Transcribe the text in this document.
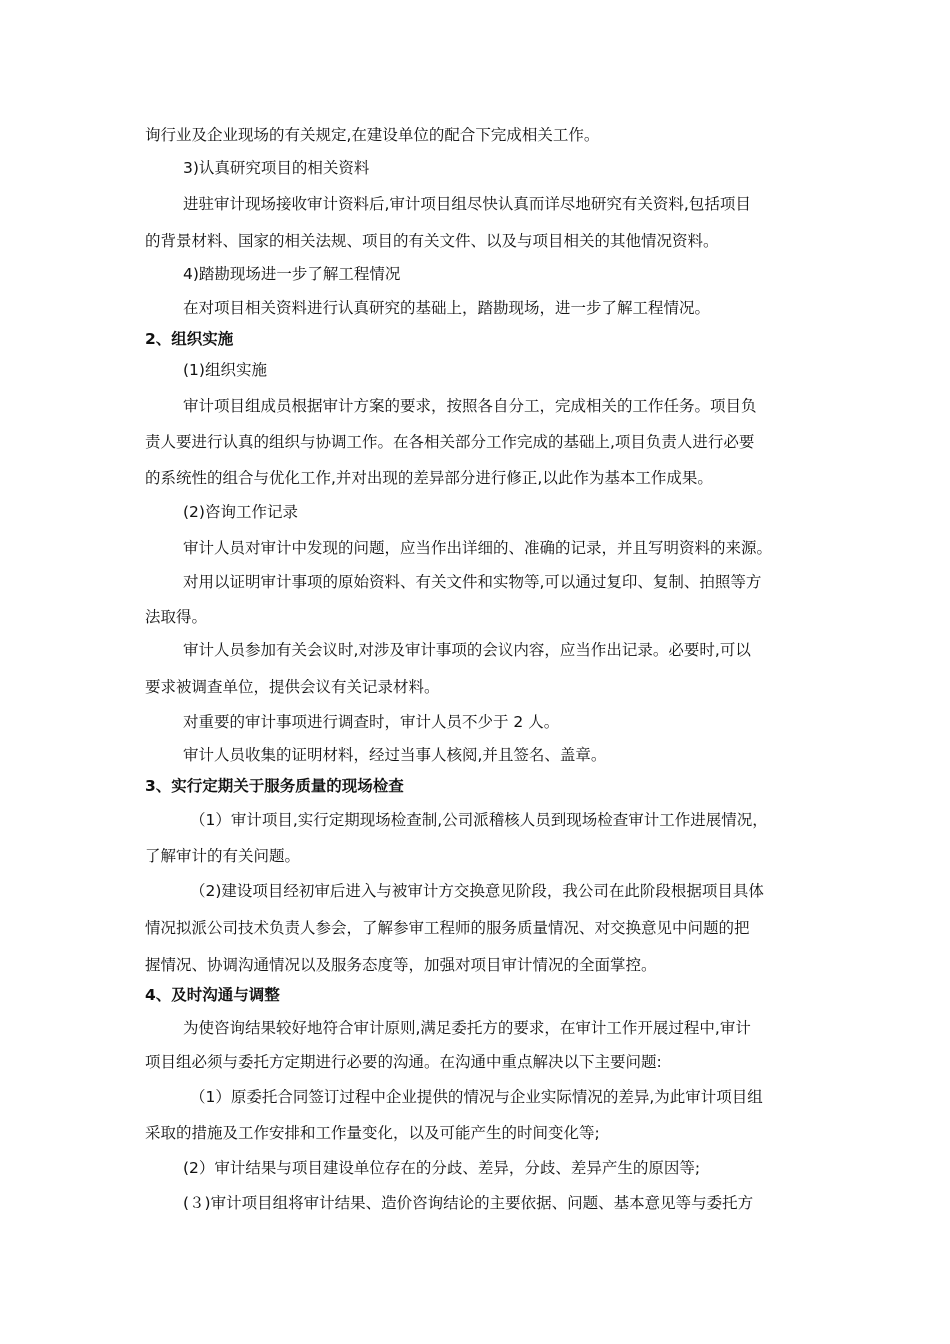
询行业及企业现场的有关规定,在建设单位的配合下完成相关工作。
3)认真研究项目的相关资料
进驻审计现场接收审计资料后,审计项目组尽快认真而详尽地研究有关资料,包括项目
的背景材料、国家的相关法规、项目的有关文件、以及与项目相关的其他情况资料。
4)踏勘现场进一步了解工程情况
在对项目相关资料进行认真研究的基础上，踏勘现场，进一步了解工程情况。
2、组织实施
(1)组织实施
审计项目组成员根据审计方案的要求，按照各自分工，完成相关的工作任务。项目负
责人要进行认真的组织与协调工作。在各相关部分工作完成的基础上,项目负责人进行必要
的系统性的组合与优化工作,并对出现的差异部分进行修正,以此作为基本工作成果。
(2)咨询工作记录
审计人员对审计中发现的问题，应当作出详细的、准确的记录，并且写明资料的来源。
对用以证明审计事项的原始资料、有关文件和实物等,可以通过复印、复制、拍照等方
法取得。
审计人员参加有关会议时,对涉及审计事项的会议内容，应当作出记录。必要时,可以
要求被调查单位，提供会议有关记录材料。
对重要的审计事项进行调查时，审计人员不少于 2 人。
审计人员收集的证明材料，经过当事人核阅,并且签名、盖章。
3、实行定期关于服务质量的现场检查
（1）审计项目,实行定期现场检查制,公司派稽核人员到现场检查审计工作进展情况，
了解审计的有关问题。
（2)建设项目经初审后进入与被审计方交换意见阶段，我公司在此阶段根据项目具体
情况拟派公司技术负责人参会，了解参审工程师的服务质量情况、对交换意见中问题的把
握情况、协调沟通情况以及服务态度等，加强对项目审计情况的全面掌控。
4、及时沟通与调整
为使咨询结果较好地符合审计原则,满足委托方的要求，在审计工作开展过程中,审计
项目组必须与委托方定期进行必要的沟通。在沟通中重点解决以下主要问题:
（1）原委托合同签订过程中企业提供的情况与企业实际情况的差异,为此审计项目组
采取的措施及工作安排和工作量变化，以及可能产生的时间变化等;
(2）审计结果与项目建设单位存在的分歧、差异，分歧、差异产生的原因等;
(３)审计项目组将审计结果、造价咨询结论的主要依据、问题、基本意见等与委托方
